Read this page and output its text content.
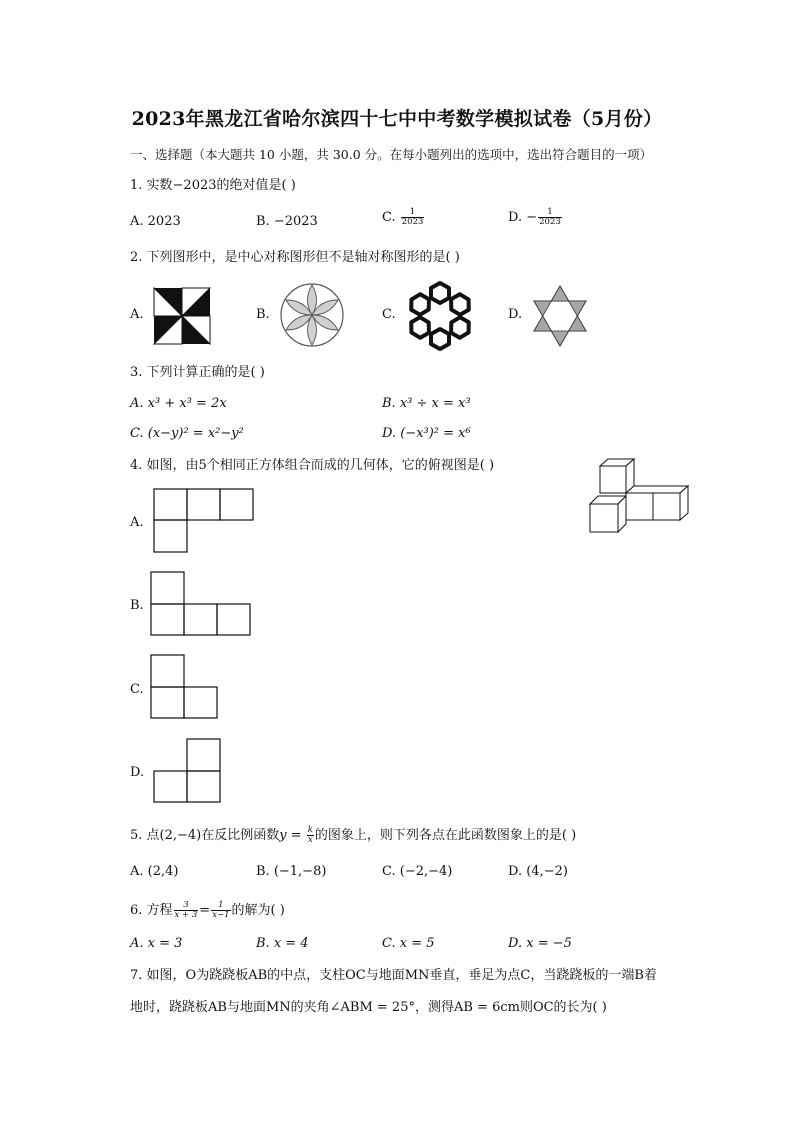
2023年黑龙江省哈尔滨四十七中中考数学模拟试卷（5月份）
一、选择题（本大题共 10 小题，共 30.0 分。在每小题列出的选项中，选出符合题目的一项）
1. 实数−2023的绝对值是( )
A. 2023	B. −2023	C. $\frac{1}{2023}$	D. − $\frac{1}{2023}$
2. 下列图形中，是中心对称图形但不是轴对称图形的是( )
A.	B.	C.	D.
3. 下列计算正确的是( )
A. x³ + x³ = 2x	B. x³ ÷ x = x³
C. (x−y)² = x²−y²	D. (−x³)² = x⁶
4. 如图，由5个相同正方体组合而成的几何体，它的俯视图是( )
A.
B.
C.
D.
5. 点(2,−4)在反比例函数$y = \frac{k}{x}$ 的图象上，则下列各点在此函数图象上的是( )
A. (2,4)	B. (−1,−8)	C. (−2,−4)	D. (4,−2)
6. 方程 $\frac{3}{x + 3} = \frac{1}{x-1}$ 的解为( )
A. x = 3	B. x = 4	C. x = 5	D. x = −5
7. 如图，O为跷跷板AB的中点，支柱OC与地面MN垂直，垂足为点C，当跷跷板的一端B着
地时，跷跷板AB与地面MN的夹角∠ABM = 25°，测得AB = 6cm则OC的长为( )
